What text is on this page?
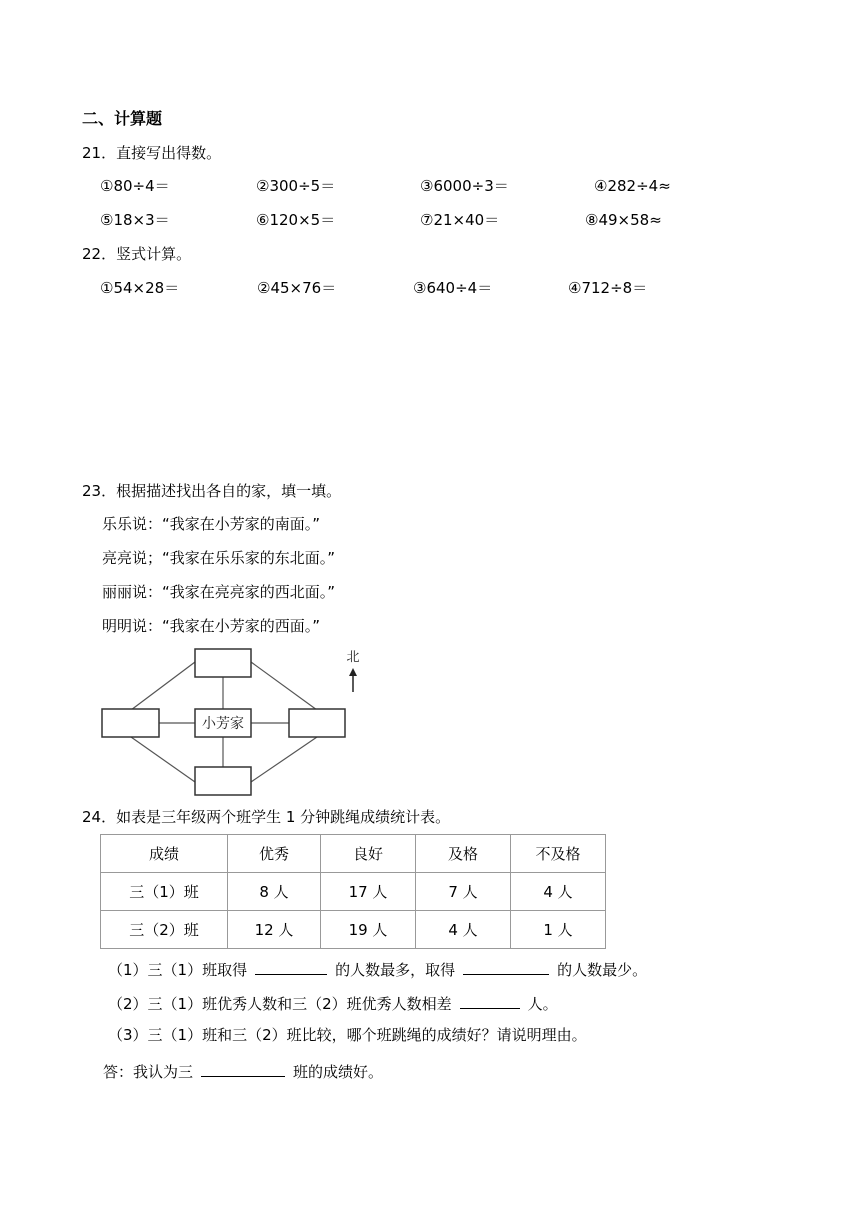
二、计算题
21．直接写出得数。
①80÷4＝	②300÷5＝	③6000÷3＝	④282÷4≈
⑤18×3＝	⑥120×5＝	⑦21×40＝	⑧49×58≈
22．竖式计算。
①54×28＝	②45×76＝	③640÷4＝	④712÷8＝
23．根据描述找出各自的家，填一填。
乐乐说：“我家在小芳家的南面。”
亮亮说；“我家在乐乐家的东北面。”
丽丽说：“我家在亮亮家的西北面。”
明明说：“我家在小芳家的西面。”
小芳家
北
24．如表是三年级两个班学生 1 分钟跳绳成绩统计表。
成绩	优秀	良好	及格	不及格
三（1）班	8 人	17 人	7 人	4 人
三（2）班	12 人	19 人	4 人	1 人
（1）三（1）班取得	的人数最多，取得	的人数最少。
（2）三（1）班优秀人数和三（2）班优秀人数相差	人。
（3）三（1）班和三（2）班比较，哪个班跳绳的成绩好？请说明理由。
答：我认为三	班的成绩好。
